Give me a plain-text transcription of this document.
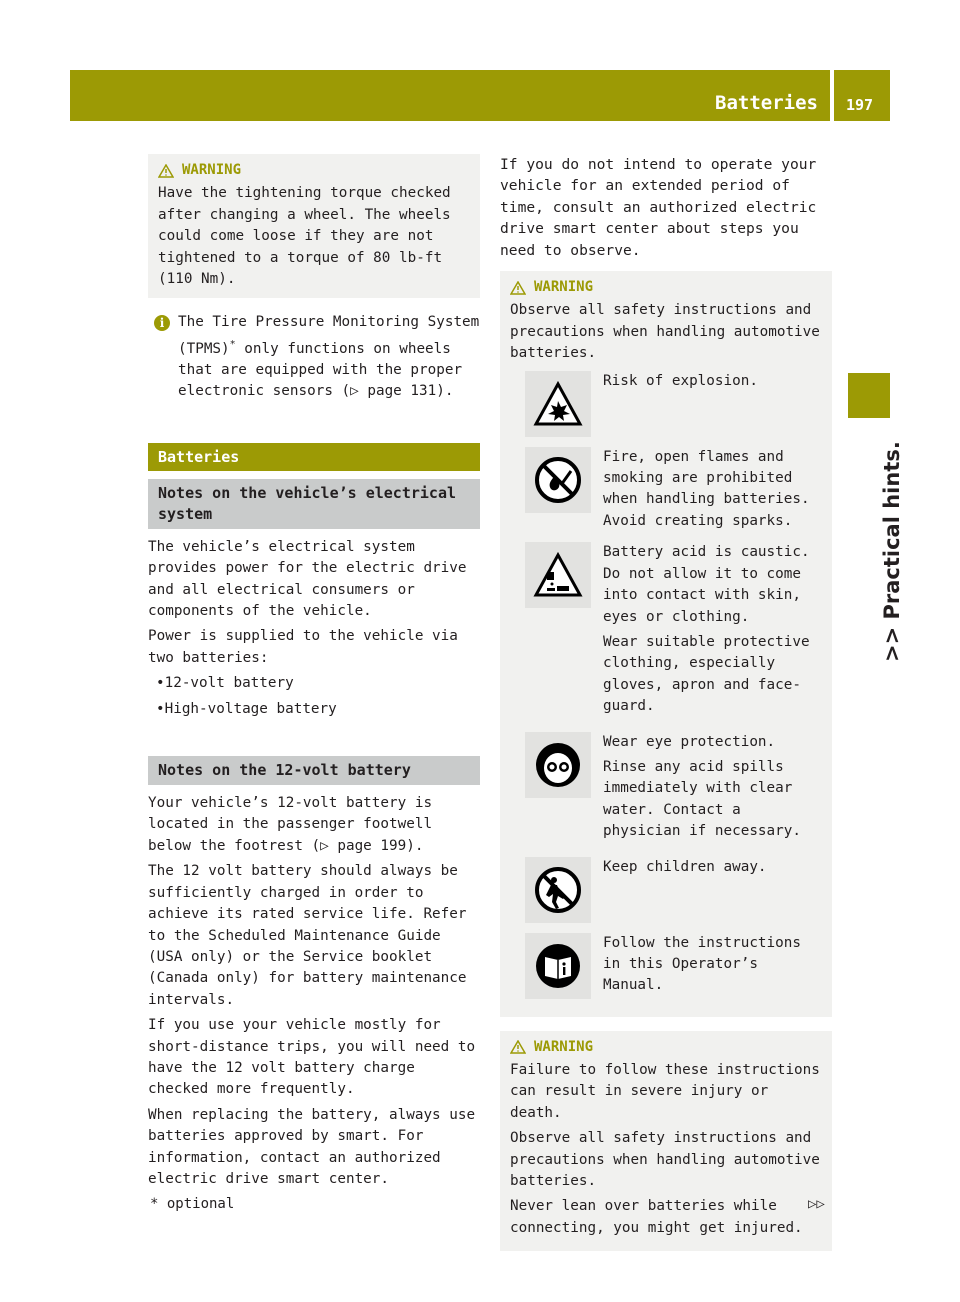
Batteries 197
>> Practical hints.
WARNING
Have the tightening torque checked after changing a wheel. The wheels could come loose if they are not tightened to a torque of 80 lb-ft (110 Nm).
i The Tire Pressure Monitoring System (TPMS)* only functions on wheels that are equipped with the proper electronic sensors (▷ page 131).
Batteries
Notes on the vehicle’s electrical system
The vehicle’s electrical system provides power for the electric drive and all electrical consumers or components of the vehicle.
Power is supplied to the vehicle via two batteries:
• 12-volt battery
• High-voltage battery
Notes on the 12-volt battery
Your vehicle’s 12-volt battery is located in the passenger footwell below the footrest (▷ page 199).
The 12 volt battery should always be sufficiently charged in order to achieve its rated service life. Refer to the Scheduled Maintenance Guide (USA only) or the Service booklet (Canada only) for battery maintenance intervals.
If you use your vehicle mostly for short-distance trips, you will need to have the 12 volt battery charge checked more frequently.
When replacing the battery, always use batteries approved by smart. For information, contact an authorized electric drive smart center.
If you do not intend to operate your vehicle for an extended period of time, consult an authorized electric drive smart center about steps you need to observe.
WARNING
Observe all safety instructions and precautions when handling automotive batteries.
Risk of explosion.
Fire, open flames and smoking are prohibited when handling batteries. Avoid creating sparks.
Battery acid is caustic. Do not allow it to come into contact with skin, eyes or clothing.
Wear suitable protective clothing, especially gloves, apron and face-guard.
Wear eye protection.
Rinse any acid spills immediately with clear water. Contact a physician if necessary.
Keep children away.
Follow the instructions in this Operator’s Manual.
WARNING
Failure to follow these instructions can result in severe injury or death.
Observe all safety instructions and precautions when handling automotive batteries.
Never lean over batteries while connecting, you might get injured.
* optional	▷▷
